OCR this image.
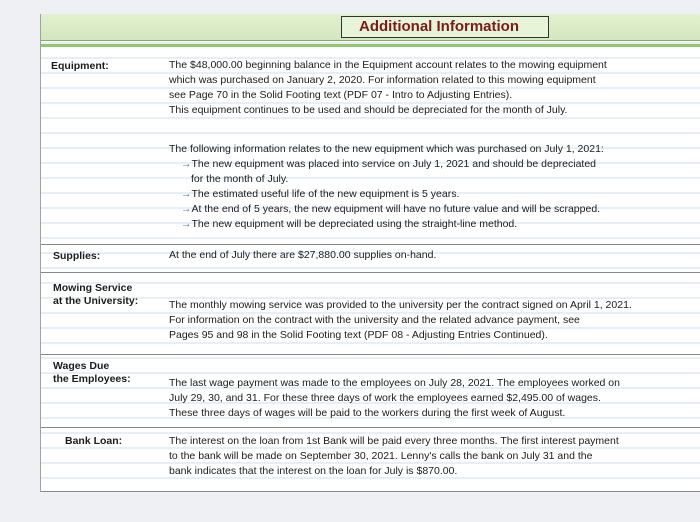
Additional Information
Equipment:	The $48,000.00 beginning balance in the Equipment account relates to the mowing equipment
which was purchased on January 2, 2020. For information related to this mowing equipment
see Page 70 in the Solid Footing text (PDF 07 - Intro to Adjusting Entries).
This equipment continues to be used and should be depreciated for the month of July.
The following information relates to the new equipment which was purchased on July 1, 2021:
→The new equipment was placed into service on July 1, 2021 and should be depreciated
for the month of July.
→The estimated useful life of the new equipment is 5 years.
→At the end of 5 years, the new equipment will have no future value and will be scrapped.
→The new equipment will be depreciated using the straight-line method.
Supplies:	At the end of July there are $27,880.00 supplies on-hand.
Mowing Service
at the University:	The monthly mowing service was provided to the university per the contract signed on April 1, 2021.
For information on the contract with the university and the related advance payment, see
Pages 95 and 98 in the Solid Footing text (PDF 08 - Adjusting Entries Continued).
Wages Due
the Employees:	The last wage payment was made to the employees on July 28, 2021. The employees worked on
July 29, 30, and 31. For these three days of work the employees earned $2,495.00 of wages.
These three days of wages will be paid to the workers during the first week of August.
Bank Loan:	The interest on the loan from 1st Bank will be paid every three months. The first interest payment
to the bank will be made on September 30, 2021. Lenny's calls the bank on July 31 and the
bank indicates that the interest on the loan for July is $870.00.
